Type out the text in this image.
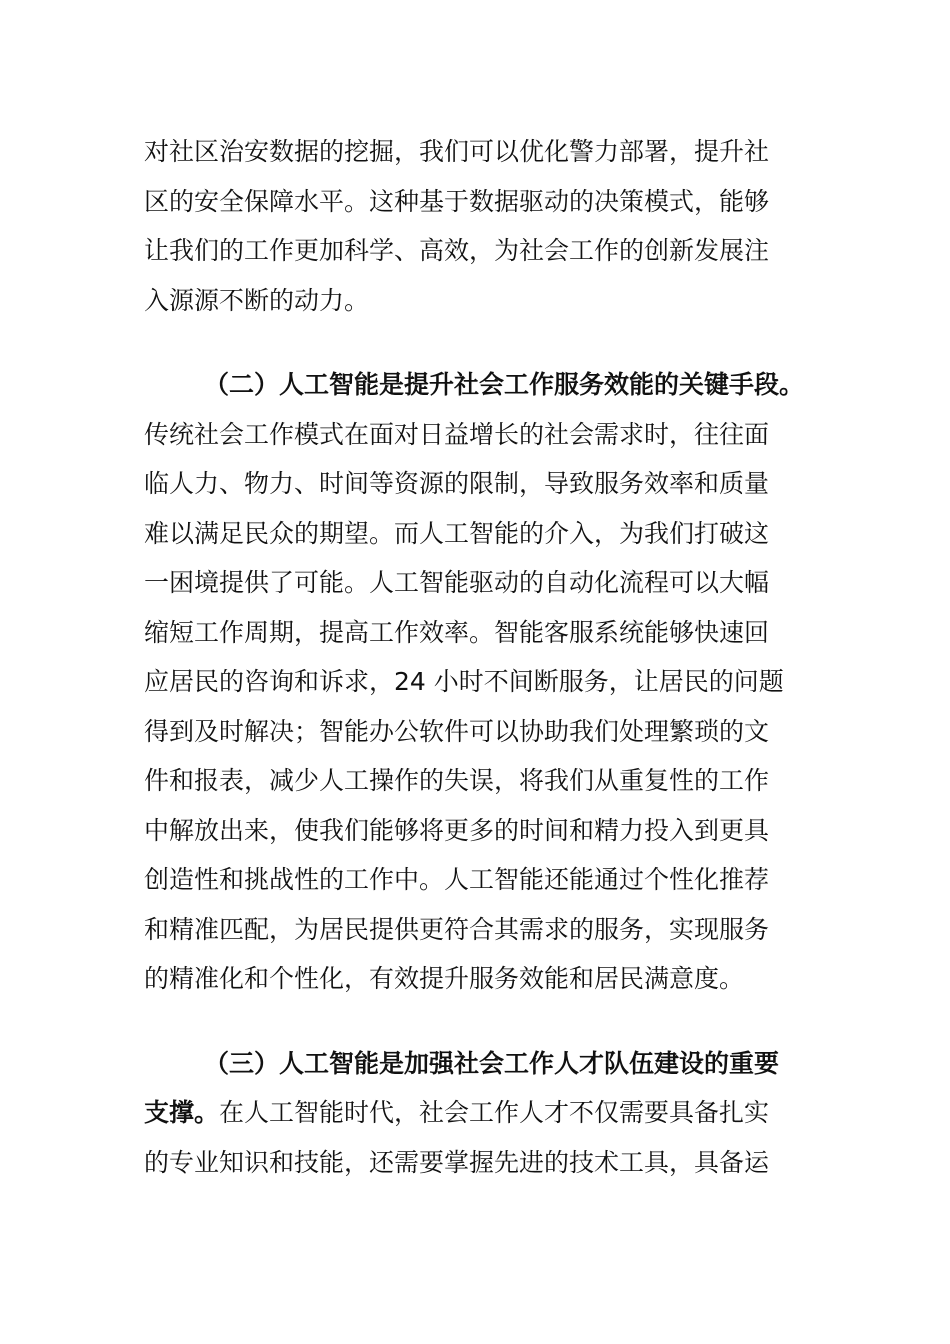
对社区治安数据的挖掘，我们可以优化警力部署，提升社
区的安全保障水平。这种基于数据驱动的决策模式，能够
让我们的工作更加科学、高效，为社会工作的创新发展注
入源源不断的动力。
（二）人工智能是提升社会工作服务效能的关键手段。
传统社会工作模式在面对日益增长的社会需求时，往往面
临人力、物力、时间等资源的限制，导致服务效率和质量
难以满足民众的期望。而人工智能的介入，为我们打破这
一困境提供了可能。人工智能驱动的自动化流程可以大幅
缩短工作周期，提高工作效率。智能客服系统能够快速回
应居民的咨询和诉求，24 小时不间断服务，让居民的问题
得到及时解决；智能办公软件可以协助我们处理繁琐的文
件和报表，减少人工操作的失误，将我们从重复性的工作
中解放出来，使我们能够将更多的时间和精力投入到更具
创造性和挑战性的工作中。人工智能还能通过个性化推荐
和精准匹配，为居民提供更符合其需求的服务，实现服务
的精准化和个性化，有效提升服务效能和居民满意度。
（三）人工智能是加强社会工作人才队伍建设的重要
支撑。在人工智能时代，社会工作人才不仅需要具备扎实
的专业知识和技能，还需要掌握先进的技术工具，具备运
